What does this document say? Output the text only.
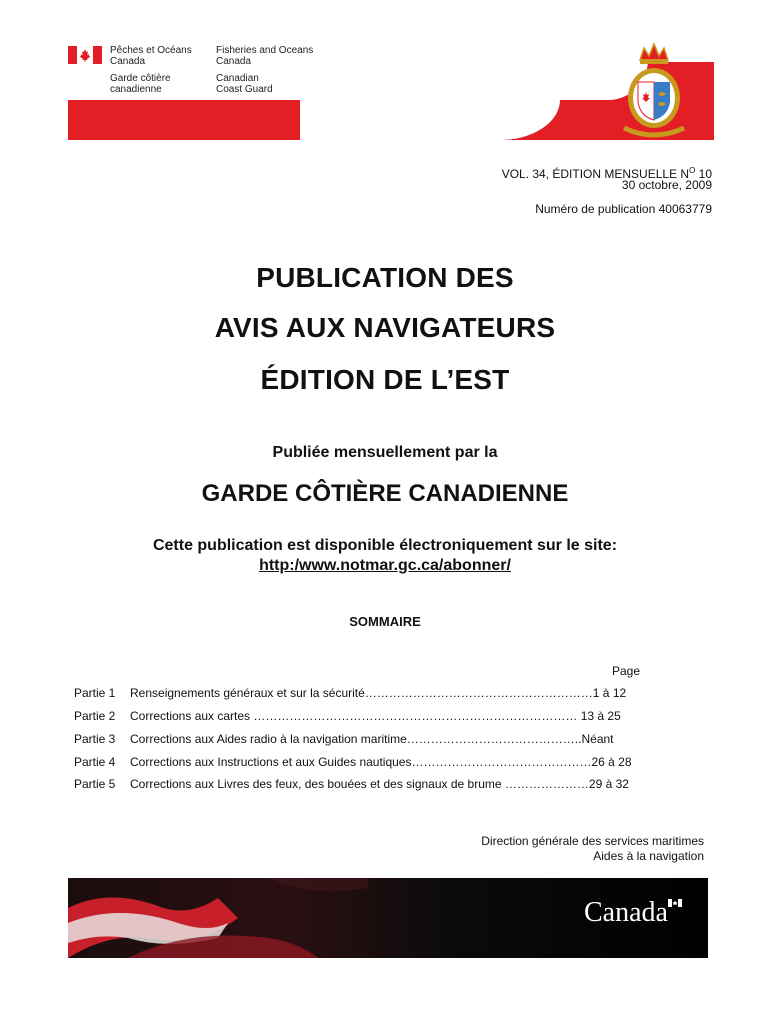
Pêches et Océans
Canada
Fisheries and Oceans
Canada
Garde côtière
canadienne
Canadian
Coast Guard
VOL. 34, ÉDITION MENSUELLE $N^O$ 10
30 octobre, 2009
Numéro de publication 40063779
PUBLICATION DES
AVIS AUX NAVIGATEURS
ÉDITION DE L’EST
Publiée mensuellement par la
GARDE CÔTIÈRE CANADIENNE
Cette publication est disponible électroniquement sur le site:
http:/www.notmar.gc.ca/abonner/
SOMMAIRE
Page
Partie 1 Renseignements généraux et sur la sécurité…………………………………………………1 à 12
Partie 2 Corrections aux cartes ……………………………………………………………………… 13 à 25
Partie 3 Corrections aux Aides radio à la navigation maritime……………………………………..Néant
Partie 4 Corrections aux Instructions et aux Guides nautiques………………………………………26 à 28
Partie 5 Corrections aux Livres des feux, des bouées et des signaux de brume …………………29 à 32
Direction générale des services maritimes
Aides à la navigation
Canada
